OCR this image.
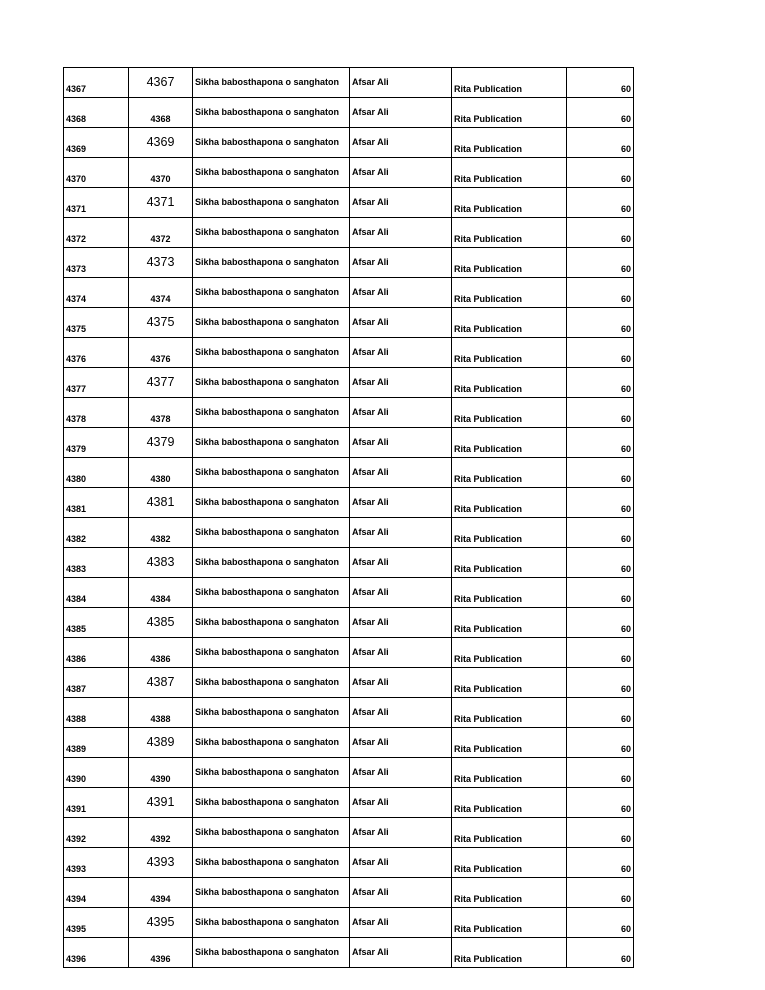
4367	4367	Sikha babosthapona o sanghaton	Afsar Ali	Rita Publication	60
4368	4368	Sikha babosthapona o sanghaton	Afsar Ali	Rita Publication	60
4369	4369	Sikha babosthapona o sanghaton	Afsar Ali	Rita Publication	60
4370	4370	Sikha babosthapona o sanghaton	Afsar Ali	Rita Publication	60
4371	4371	Sikha babosthapona o sanghaton	Afsar Ali	Rita Publication	60
4372	4372	Sikha babosthapona o sanghaton	Afsar Ali	Rita Publication	60
4373	4373	Sikha babosthapona o sanghaton	Afsar Ali	Rita Publication	60
4374	4374	Sikha babosthapona o sanghaton	Afsar Ali	Rita Publication	60
4375	4375	Sikha babosthapona o sanghaton	Afsar Ali	Rita Publication	60
4376	4376	Sikha babosthapona o sanghaton	Afsar Ali	Rita Publication	60
4377	4377	Sikha babosthapona o sanghaton	Afsar Ali	Rita Publication	60
4378	4378	Sikha babosthapona o sanghaton	Afsar Ali	Rita Publication	60
4379	4379	Sikha babosthapona o sanghaton	Afsar Ali	Rita Publication	60
4380	4380	Sikha babosthapona o sanghaton	Afsar Ali	Rita Publication	60
4381	4381	Sikha babosthapona o sanghaton	Afsar Ali	Rita Publication	60
4382	4382	Sikha babosthapona o sanghaton	Afsar Ali	Rita Publication	60
4383	4383	Sikha babosthapona o sanghaton	Afsar Ali	Rita Publication	60
4384	4384	Sikha babosthapona o sanghaton	Afsar Ali	Rita Publication	60
4385	4385	Sikha babosthapona o sanghaton	Afsar Ali	Rita Publication	60
4386	4386	Sikha babosthapona o sanghaton	Afsar Ali	Rita Publication	60
4387	4387	Sikha babosthapona o sanghaton	Afsar Ali	Rita Publication	60
4388	4388	Sikha babosthapona o sanghaton	Afsar Ali	Rita Publication	60
4389	4389	Sikha babosthapona o sanghaton	Afsar Ali	Rita Publication	60
4390	4390	Sikha babosthapona o sanghaton	Afsar Ali	Rita Publication	60
4391	4391	Sikha babosthapona o sanghaton	Afsar Ali	Rita Publication	60
4392	4392	Sikha babosthapona o sanghaton	Afsar Ali	Rita Publication	60
4393	4393	Sikha babosthapona o sanghaton	Afsar Ali	Rita Publication	60
4394	4394	Sikha babosthapona o sanghaton	Afsar Ali	Rita Publication	60
4395	4395	Sikha babosthapona o sanghaton	Afsar Ali	Rita Publication	60
4396	4396	Sikha babosthapona o sanghaton	Afsar Ali	Rita Publication	60
